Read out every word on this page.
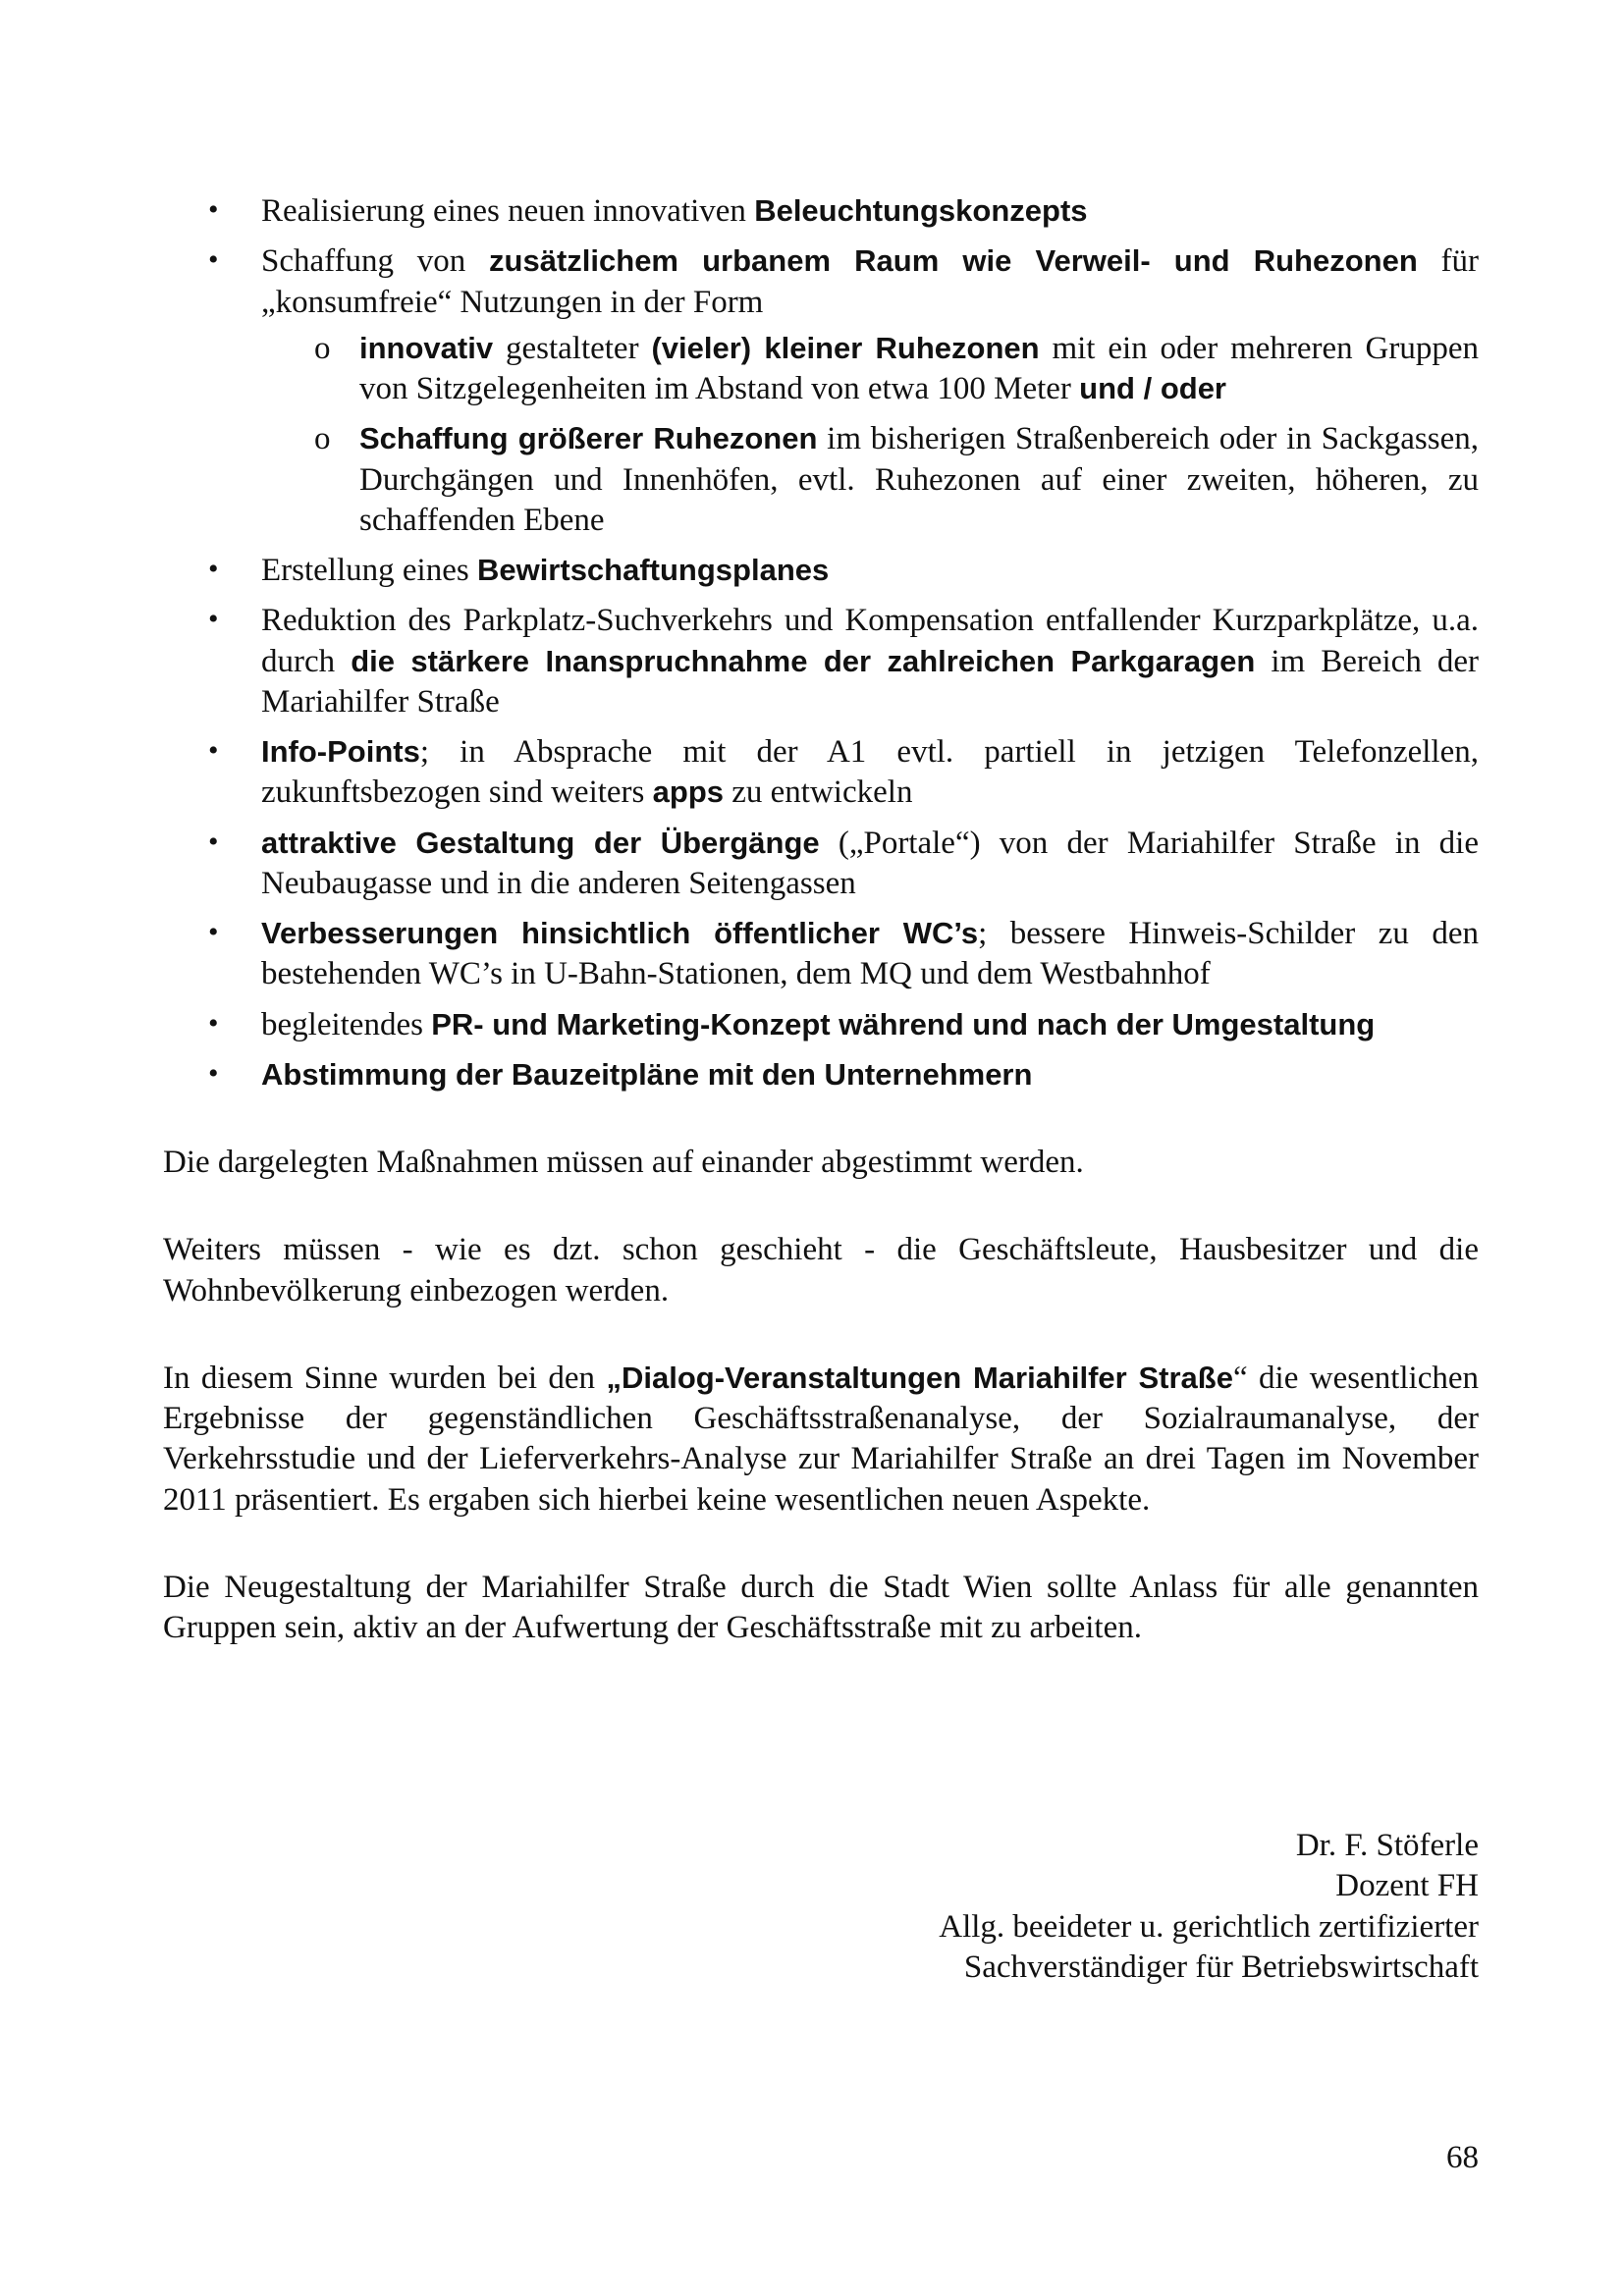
• Realisierung eines neuen innovativen Beleuchtungskonzepts
• Schaffung von zusätzlichem urbanem Raum wie Verweil- und Ruhezonen für „konsumfreie“ Nutzungen in der Form
o innovativ gestalteter (vieler) kleiner Ruhezonen mit ein oder mehreren Gruppen von Sitzgelegenheiten im Abstand von etwa 100 Meter und / oder
o Schaffung größerer Ruhezonen im bisherigen Straßenbereich oder in Sackgassen, Durchgängen und Innenhöfen, evtl. Ruhezonen auf einer zweiten, höheren, zu schaffenden Ebene
• Erstellung eines Bewirtschaftungsplanes
• Reduktion des Parkplatz-Suchverkehrs und Kompensation entfallender Kurzparkplätze, u.a. durch die stärkere Inanspruchnahme der zahlreichen Parkgaragen im Bereich der Mariahilfer Straße
• Info-Points; in Absprache mit der A1 evtl. partiell in jetzigen Telefonzellen, zukunftsbezogen sind weiters apps zu entwickeln
• attraktive Gestaltung der Übergänge („Portale“) von der Mariahilfer Straße in die Neubaugasse und in die anderen Seitengassen
• Verbesserungen hinsichtlich öffentlicher WC’s; bessere Hinweis-Schilder zu den bestehenden WC’s in U-Bahn-Stationen, dem MQ und dem Westbahnhof
• begleitendes PR- und Marketing-Konzept während und nach der Umgestaltung
• Abstimmung der Bauzeitpläne mit den Unternehmern

Die dargelegten Maßnahmen müssen auf einander abgestimmt werden.

Weiters müssen - wie es dzt. schon geschieht - die Geschäftsleute, Hausbesitzer und die Wohnbevölkerung einbezogen werden.

In diesem Sinne wurden bei den „Dialog-Veranstaltungen Mariahilfer Straße“ die wesentlichen Ergebnisse der gegenständlichen Geschäftsstraßenanalyse, der Sozialraumanalyse, der Verkehrsstudie und der Lieferverkehrs-Analyse zur Mariahilfer Straße an drei Tagen im November 2011 präsentiert. Es ergaben sich hierbei keine wesentlichen neuen Aspekte.

Die Neugestaltung der Mariahilfer Straße durch die Stadt Wien sollte Anlass für alle genannten Gruppen sein, aktiv an der Aufwertung der Geschäftsstraße mit zu arbeiten.

Dr. F. Stöferle
Dozent FH
Allg. beeideter u. gerichtlich zertifizierter
Sachverständiger für Betriebswirtschaft
68
